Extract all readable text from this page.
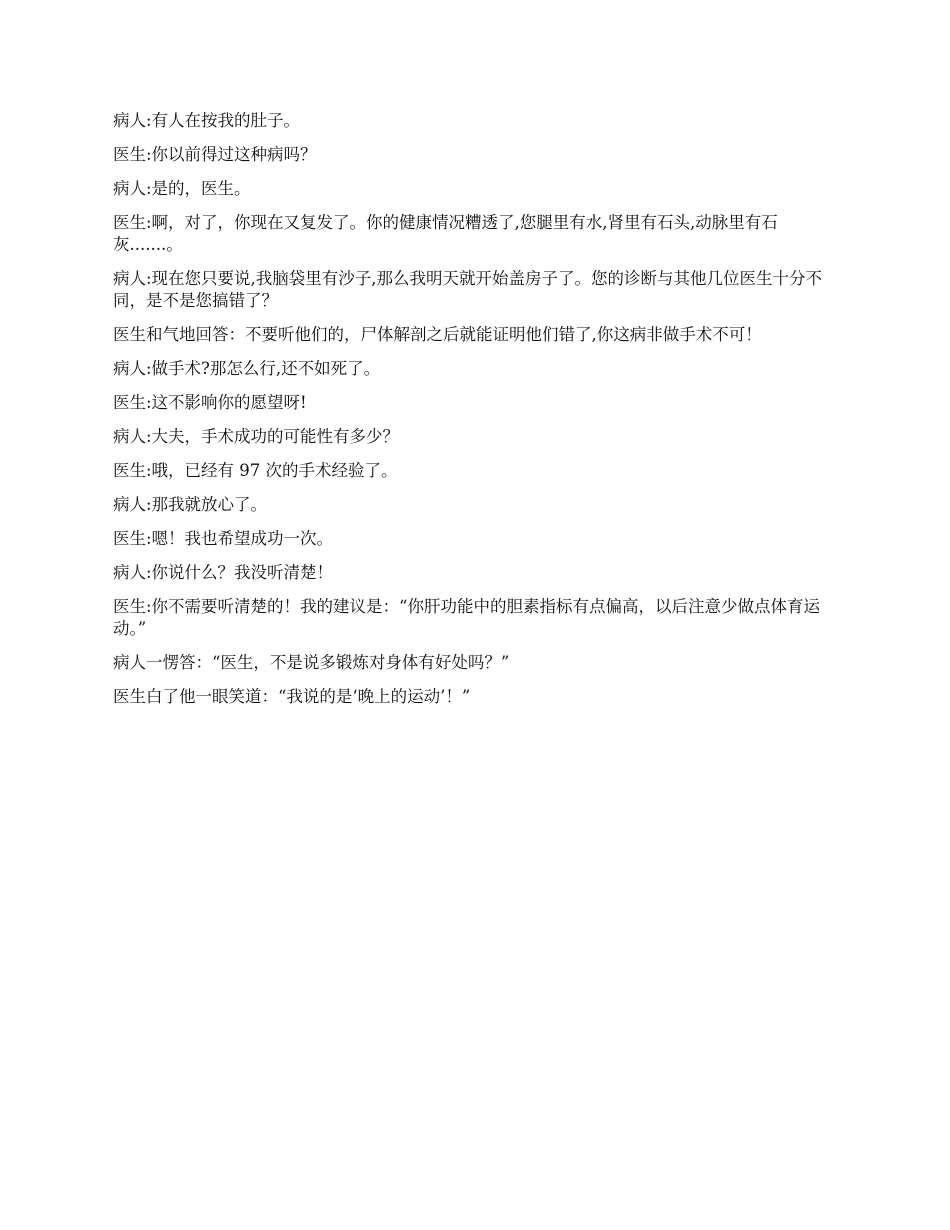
病人:有人在按我的肚子。

医生:你以前得过这种病吗？

病人:是的，医生。

医生:啊，对了，你现在又复发了。你的健康情况糟透了,您腿里有水,肾里有石头,动脉里有石灰.......。

病人:现在您只要说,我脑袋里有沙子,那么我明天就开始盖房子了。您的诊断与其他几位医生十分不同，是不是您搞错了？

医生和气地回答：不要听他们的，尸体解剖之后就能证明他们错了,你这病非做手术不可！

病人:做手术?那怎么行,还不如死了。

医生:这不影响你的愿望呀!

病人:大夫，手术成功的可能性有多少？

医生:哦，已经有 97 次的手术经验了。

病人:那我就放心了。

医生:嗯！我也希望成功一次。

病人:你说什么？我没听清楚！

医生:你不需要听清楚的！我的建议是：“你肝功能中的胆素指标有点偏高，以后注意少做点体育运动。”

病人一愣答：“医生，不是说多锻炼对身体有好处吗？”

医生白了他一眼笑道：“我说的是‘晚上的运动’！”
